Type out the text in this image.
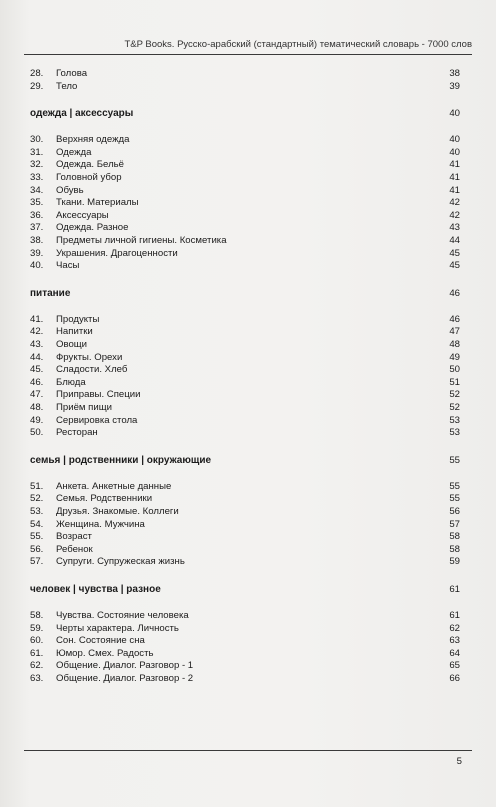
T&P Books. Русско-арабский (стандартный) тематический словарь - 7000 слов
28.	Голова	38
29.	Тело	39
одежда | аксессуары	40
30.	Верхняя одежда	40
31.	Одежда	40
32.	Одежда. Бельё	41
33.	Головной убор	41
34.	Обувь	41
35.	Ткани. Материалы	42
36.	Аксессуары	42
37.	Одежда. Разное	43
38.	Предметы личной гигиены. Косметика	44
39.	Украшения. Драгоценности	45
40.	Часы	45
питание	46
41.	Продукты	46
42.	Напитки	47
43.	Овощи	48
44.	Фрукты. Орехи	49
45.	Сладости. Хлеб	50
46.	Блюда	51
47.	Приправы. Специи	52
48.	Приём пищи	52
49.	Сервировка стола	53
50.	Ресторан	53
семья | родственники | окружающие	55
51.	Анкета. Анкетные данные	55
52.	Семья. Родственники	55
53.	Друзья. Знакомые. Коллеги	56
54.	Женщина. Мужчина	57
55.	Возраст	58
56.	Ребенок	58
57.	Супруги. Супружеская жизнь	59
человек | чувства | разное	61
58.	Чувства. Состояние человека	61
59.	Черты характера. Личность	62
60.	Сон. Состояние сна	63
61.	Юмор. Смех. Радость	64
62.	Общение. Диалог. Разговор - 1	65
63.	Общение. Диалог. Разговор - 2	66
5
